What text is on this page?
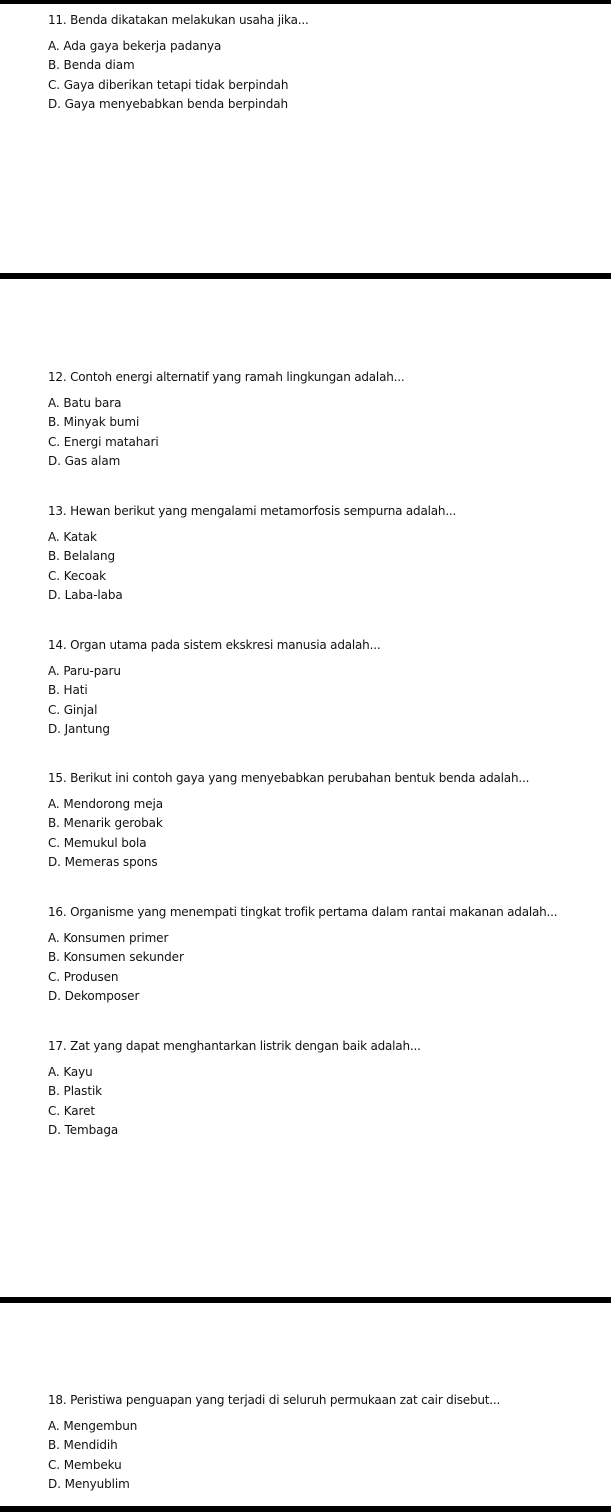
11. Benda dikatakan melakukan usaha jika...

A. Ada gaya bekerja padanya

B. Benda diam

C. Gaya diberikan tetapi tidak berpindah

D. Gaya menyebabkan benda berpindah

12. Contoh energi alternatif yang ramah lingkungan adalah...

A. Batu bara

B. Minyak bumi

C. Energi matahari

D. Gas alam

13. Hewan berikut yang mengalami metamorfosis sempurna adalah...

A. Katak

B. Belalang

C. Kecoak

D. Laba-laba

14. Organ utama pada sistem ekskresi manusia adalah...

A. Paru-paru

B. Hati

C. Ginjal

D. Jantung

15. Berikut ini contoh gaya yang menyebabkan perubahan bentuk benda adalah...

A. Mendorong meja

B. Menarik gerobak

C. Memukul bola

D. Memeras spons

16. Organisme yang menempati tingkat trofik pertama dalam rantai makanan adalah...

A. Konsumen primer

B. Konsumen sekunder

C. Produsen

D. Dekomposer

17. Zat yang dapat menghantarkan listrik dengan baik adalah...

A. Kayu

B. Plastik

C. Karet

D. Tembaga

18. Peristiwa penguapan yang terjadi di seluruh permukaan zat cair disebut...

A. Mengembun

B. Mendidih

C. Membeku

D. Menyublim
